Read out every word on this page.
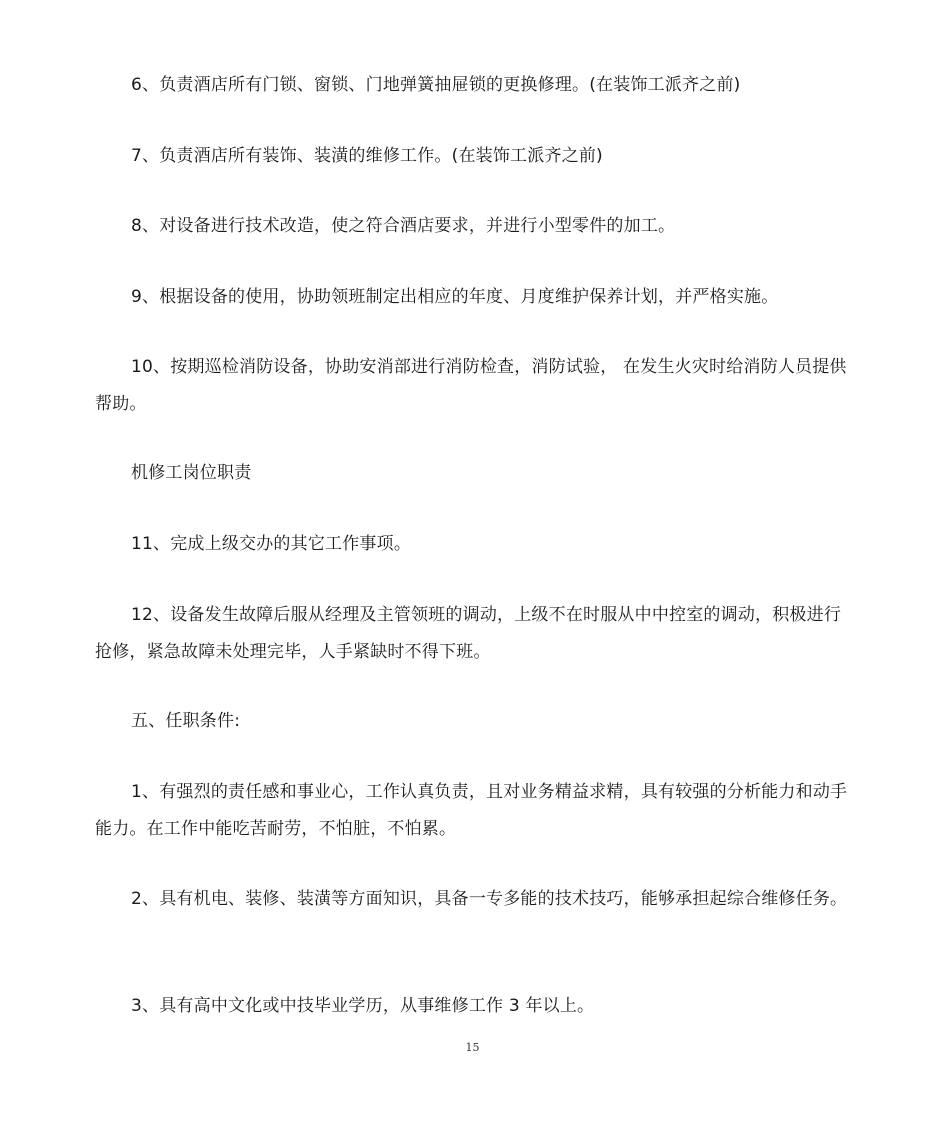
6、负责酒店所有门锁、窗锁、门地弹簧抽屉锁的更换修理。(在装饰工派齐之前)

7、负责酒店所有装饰、装潢的维修工作。(在装饰工派齐之前)

8、对设备进行技术改造，使之符合酒店要求，并进行小型零件的加工。

9、根据设备的使用，协助领班制定出相应的年度、月度维护保养计划，并严格实施。

10、按期巡检消防设备，协助安消部进行消防检查，消防试验， 在发生火灾时给消防人员提供帮助。

机修工岗位职责

11、完成上级交办的其它工作事项。

12、设备发生故障后服从经理及主管领班的调动，上级不在时服从中中控室的调动，积极进行抢修，紧急故障未处理完毕，人手紧缺时不得下班。

五、任职条件:

1、有强烈的责任感和事业心，工作认真负责，且对业务精益求精，具有较强的分析能力和动手能力。在工作中能吃苦耐劳，不怕脏，不怕累。

2、具有机电、装修、装潢等方面知识，具备一专多能的技术技巧，能够承担起综合维修任务。

3、具有高中文化或中技毕业学历，从事维修工作 3 年以上。

15
